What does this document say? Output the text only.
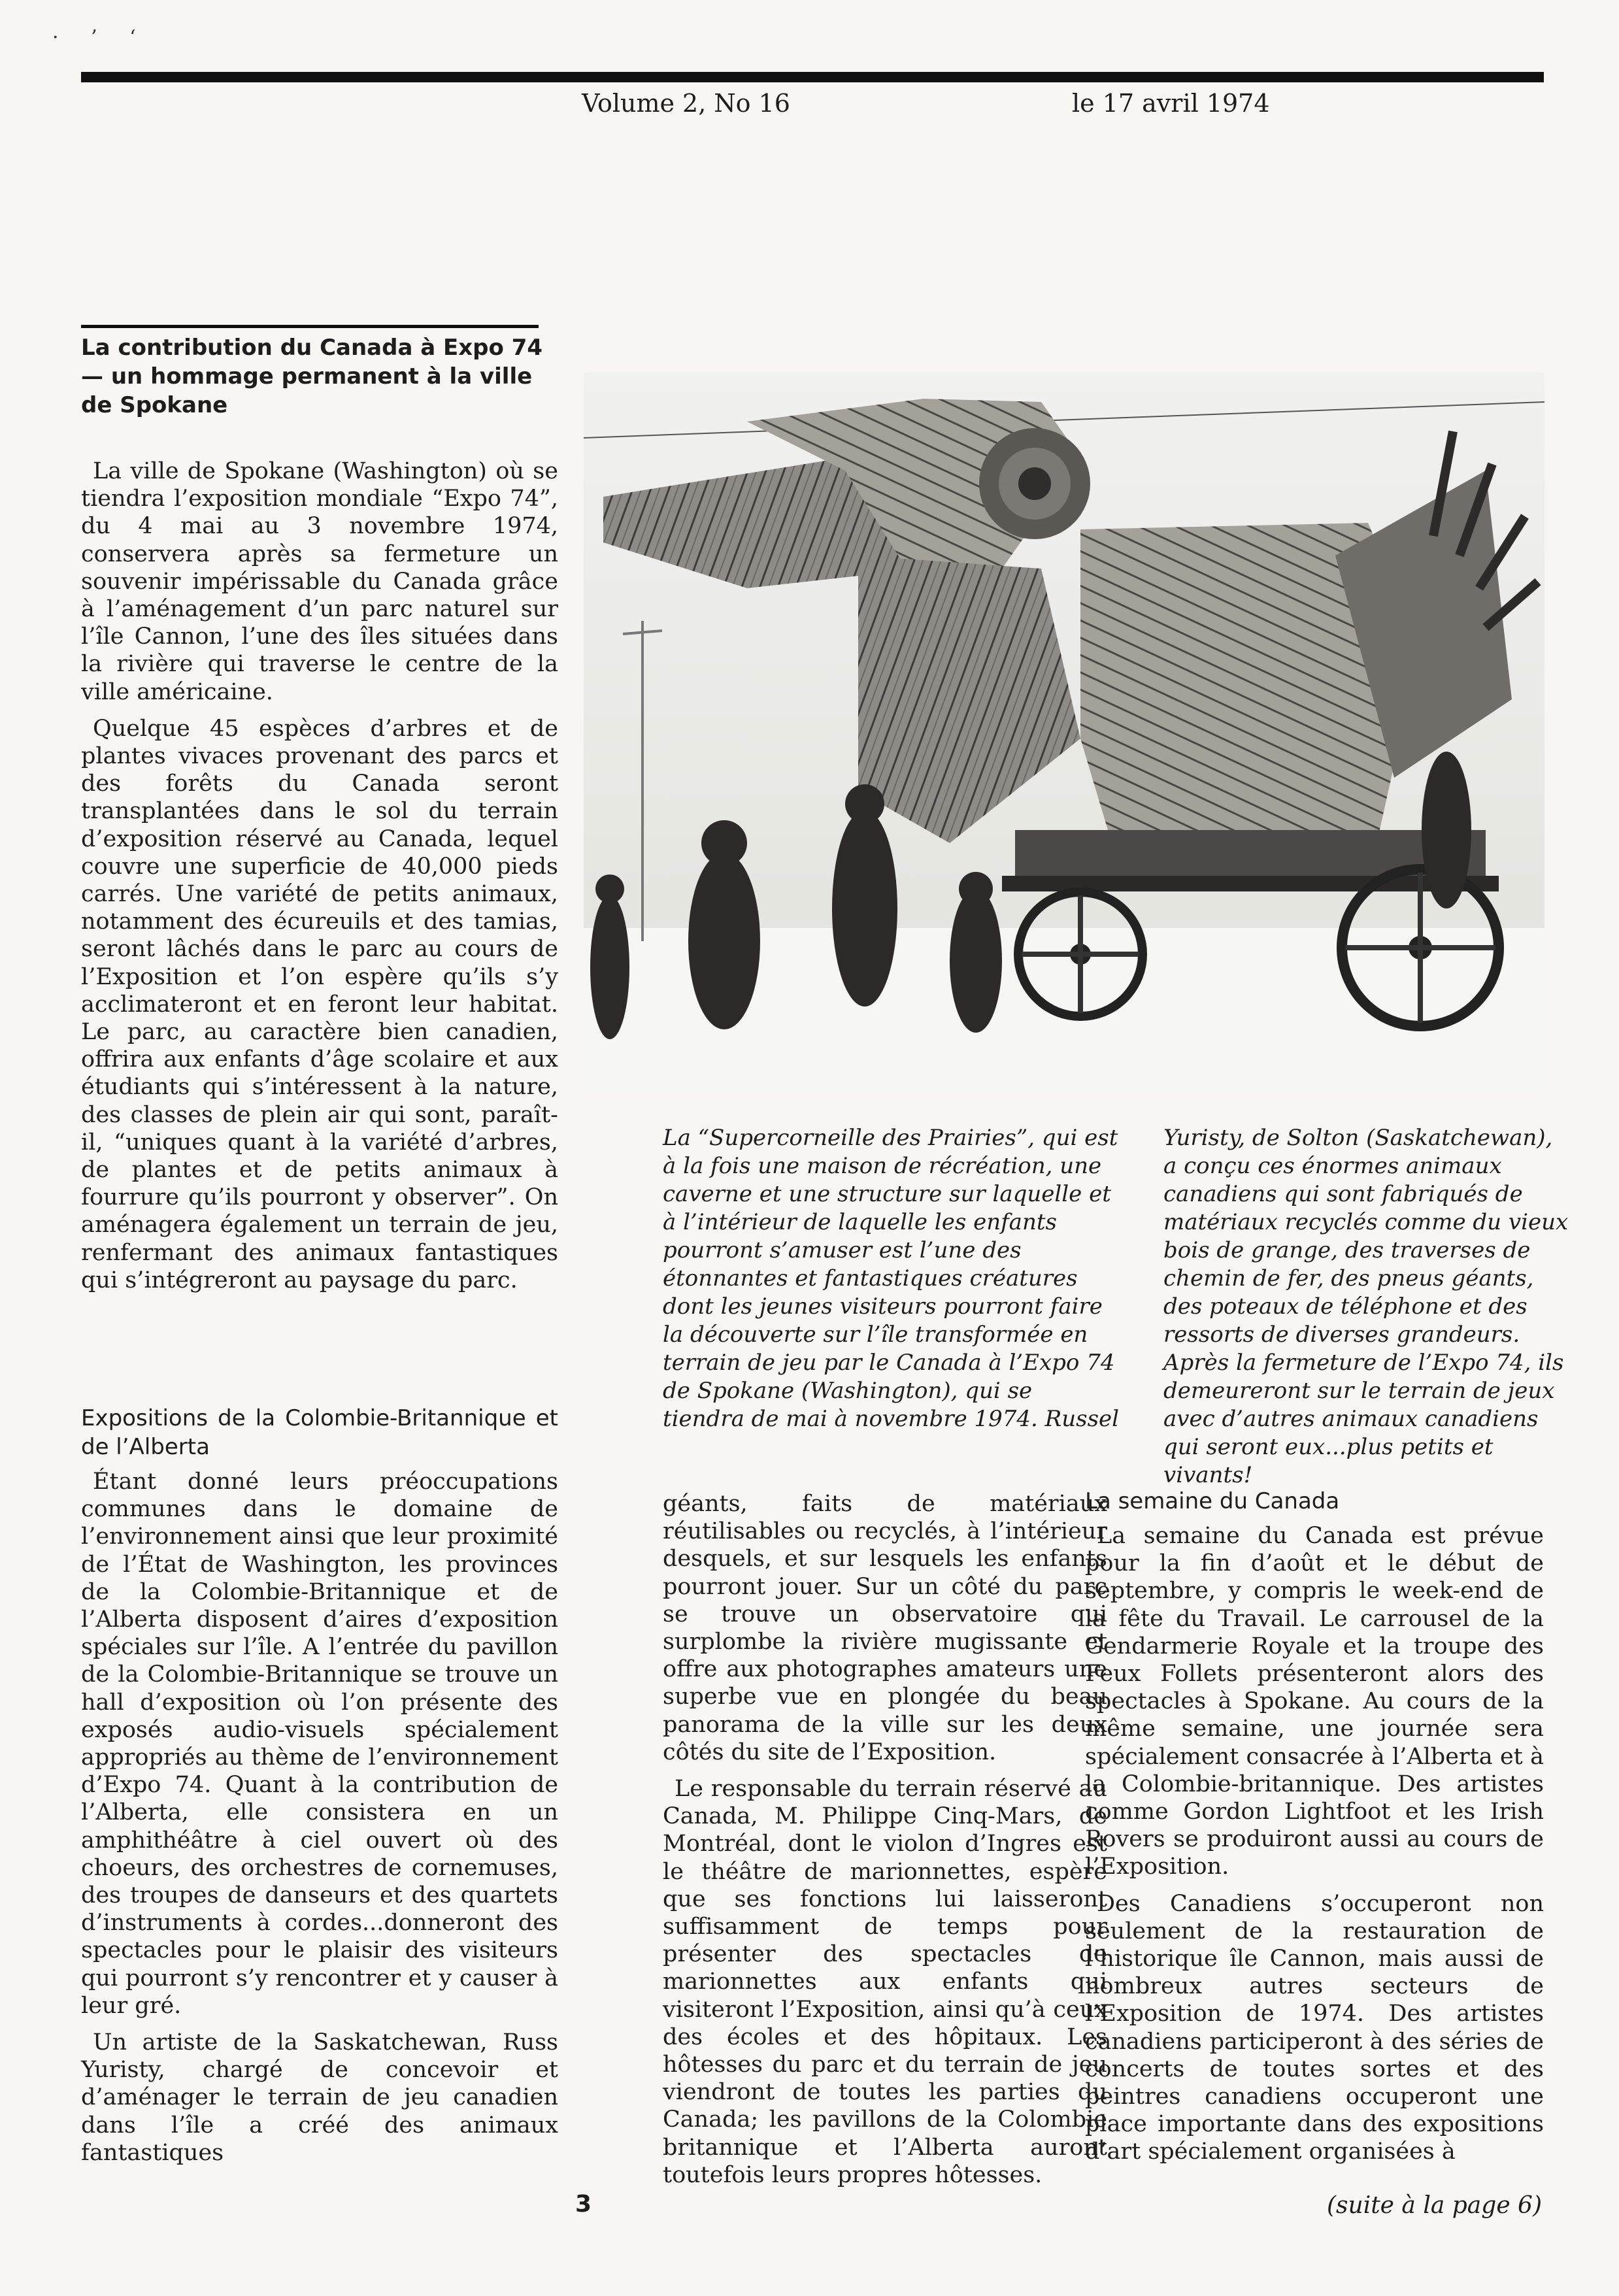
· ’ ‘
Volume 2, No 16	le 17 avril 1974
La contribution du Canada à Expo 74 — un hommage permanent à la ville de Spokane

La ville de Spokane (Washington) où se tiendra l’exposition mondiale “Expo 74”, du 4 mai au 3 novembre 1974, conservera après sa fermeture un souvenir impérissable du Canada grâce à l’aménagement d’un parc naturel sur l’île Cannon, l’une des îles situées dans la rivière qui traverse le centre de la ville américaine.

Quelque 45 espèces d’arbres et de plantes vivaces provenant des parcs et des forêts du Canada seront transplantées dans le sol du terrain d’exposition réservé au Canada, lequel couvre une superficie de 40,000 pieds carrés. Une variété de petits animaux, notamment des écureuils et des tamias, seront lâchés dans le parc au cours de l’Exposition et l’on espère qu’ils s’y acclimateront et en feront leur habitat. Le parc, au caractère bien canadien, offrira aux enfants d’âge scolaire et aux étudiants qui s’intéressent à la nature, des classes de plein air qui sont, paraît-il, “uniques quant à la variété d’arbres, de plantes et de petits animaux à fourrure qu’ils pourront y observer”. On aménagera également un terrain de jeu, renfermant des animaux fantastiques qui s’intégreront au paysage du parc.

Expositions de la Colombie-Britannique et de l’Alberta

Étant donné leurs préoccupations communes dans le domaine de l’environnement ainsi que leur proximité de l’État de Washington, les provinces de la Colombie-Britannique et de l’Alberta disposent d’aires d’exposition spéciales sur l’île. A l’entrée du pavillon de la Colombie-Britannique se trouve un hall d’exposition où l’on présente des exposés audio-visuels spécialement appropriés au thème de l’environnement d’Expo 74. Quant à la contribution de l’Alberta, elle consistera en un amphithéâtre à ciel ouvert où des choeurs, des orchestres de cornemuses, des troupes de danseurs et des quartets d’instruments à cordes...donneront des spectacles pour le plaisir des visiteurs qui pourront s’y rencontrer et y causer à leur gré.

Un artiste de la Saskatchewan, Russ Yuristy, chargé de concevoir et d’aménager le terrain de jeu canadien dans l’île a créé des animaux fantastiques

La “Supercorneille des Prairies”, qui est à la fois une maison de récréation, une caverne et une structure sur laquelle et à l’intérieur de laquelle les enfants pourront s’amuser est l’une des étonnantes et fantastiques créatures dont les jeunes visiteurs pourront faire la découverte sur l’île transformée en terrain de jeu par le Canada à l’Expo 74 de Spokane (Washington), qui se tiendra de mai à novembre 1974. Russel
Yuristy, de Solton (Saskatchewan), a conçu ces énormes animaux canadiens qui sont fabriqués de matériaux recyclés comme du vieux bois de grange, des traverses de chemin de fer, des pneus géants, des poteaux de téléphone et des ressorts de diverses grandeurs. Après la fermeture de l’Expo 74, ils demeureront sur le terrain de jeux avec d’autres animaux canadiens qui seront eux...plus petits et vivants!

géants, faits de matériaux réutilisables ou recyclés, à l’intérieur desquels, et sur lesquels les enfants pourront jouer. Sur un côté du parc se trouve un observatoire qui surplombe la rivière mugissante et offre aux photographes amateurs une superbe vue en plongée du beau panorama de la ville sur les deux côtés du site de l’Exposition.

Le responsable du terrain réservé au Canada, M. Philippe Cinq-Mars, de Montréal, dont le violon d’Ingres est le théâtre de marionnettes, espère que ses fonctions lui laisseront suffisamment de temps pour présenter des spectacles de marionnettes aux enfants qui visiteront l’Exposition, ainsi qu’à ceux des écoles et des hôpitaux. Les hôtesses du parc et du terrain de jeu viendront de toutes les parties du Canada; les pavillons de la Colombie britannique et l’Alberta auront toutefois leurs propres hôtesses.

La semaine du Canada

La semaine du Canada est prévue pour la fin d’août et le début de septembre, y compris le week-end de la fête du Travail. Le carrousel de la Gendarmerie Royale et la troupe des Feux Follets présenteront alors des spectacles à Spokane. Au cours de la même semaine, une journée sera spécialement consacrée à l’Alberta et à la Colombie-britannique. Des artistes comme Gordon Lightfoot et les Irish Rovers se produiront aussi au cours de l’Exposition.

Des Canadiens s’occuperont non seulement de la restauration de l’historique île Cannon, mais aussi de nombreux autres secteurs de l’Exposition de 1974. Des artistes canadiens participeront à des séries de concerts de toutes sortes et des peintres canadiens occuperont une place importante dans des expositions d’art spécialement organisées à

3	(suite à la page 6)
